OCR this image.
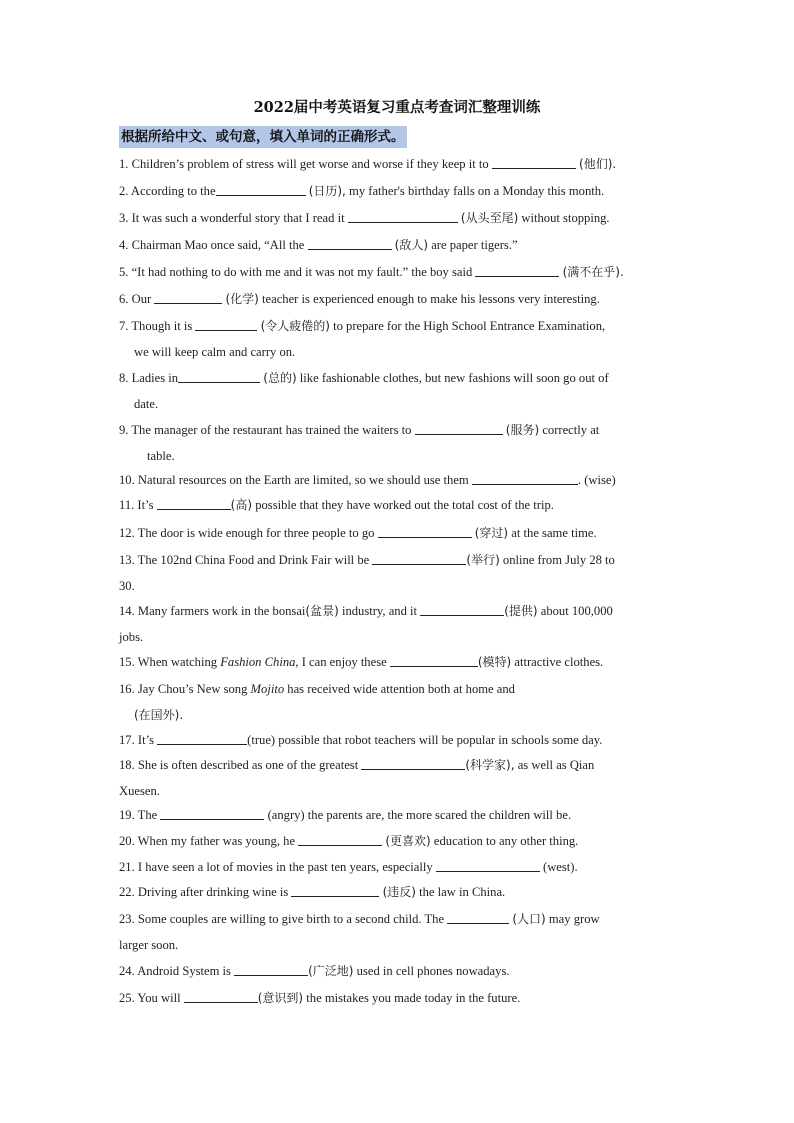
2022届中考英语复习重点考查词汇整理训练
根据所给中文、或句意，填入单词的正确形式。
1. Children’s problem of stress will get worse and worse if they keep it to	(他们).
2. According to the	(日历), my father's birthday falls on a Monday this month.
3. It was such a wonderful story that I read it	(从头至尾) without stopping.
4. Chairman Mao once said, “All the	(敌人) are paper tigers.”
5. “It had nothing to do with me and it was not my fault.” the boy said	(满不在乎).
6. Our	(化学) teacher is experienced enough to make his lessons very interesting.
7. Though it is	(令人疲倦的) to prepare for the High School Entrance Examination,
we will keep calm and carry on.
8. Ladies in	(总的) like fashionable clothes, but new fashions will soon go out of
date.
9. The manager of the restaurant has trained the waiters to	(服务) correctly at
table.
10. Natural resources on the Earth are limited, so we should use them	. (wise)
11. It’s	(高) possible that they have worked out the total cost of the trip.
12. The door is wide enough for three people to go	(穿过) at the same time.
13. The 102nd China Food and Drink Fair will be	(举行) online from July 28 to
30.
14. Many farmers work in the bonsai(盆景) industry, and it	(提供) about 100,000
jobs.
15. When watching Fashion China, I can enjoy these	(模特) attractive clothes.
16. Jay Chou’s New song Mojito has received wide attention both at home and
(在国外).
17. It’s	(true) possible that robot teachers will be popular in schools some day.
18. She is often described as one of the greatest	(科学家), as well as Qian
Xuesen.
19. The	(angry) the parents are, the more scared the children will be.
20. When my father was young, he	(更喜欢) education to any other thing.
21. I have seen a lot of movies in the past ten years, especially	(west).
22. Driving after drinking wine is	(违反) the law in China.
23. Some couples are willing to give birth to a second child. The	(人口) may grow
larger soon.
24. Android System is	(广泛地) used in cell phones nowadays.
25. You will	(意识到) the mistakes you made today in the future.
